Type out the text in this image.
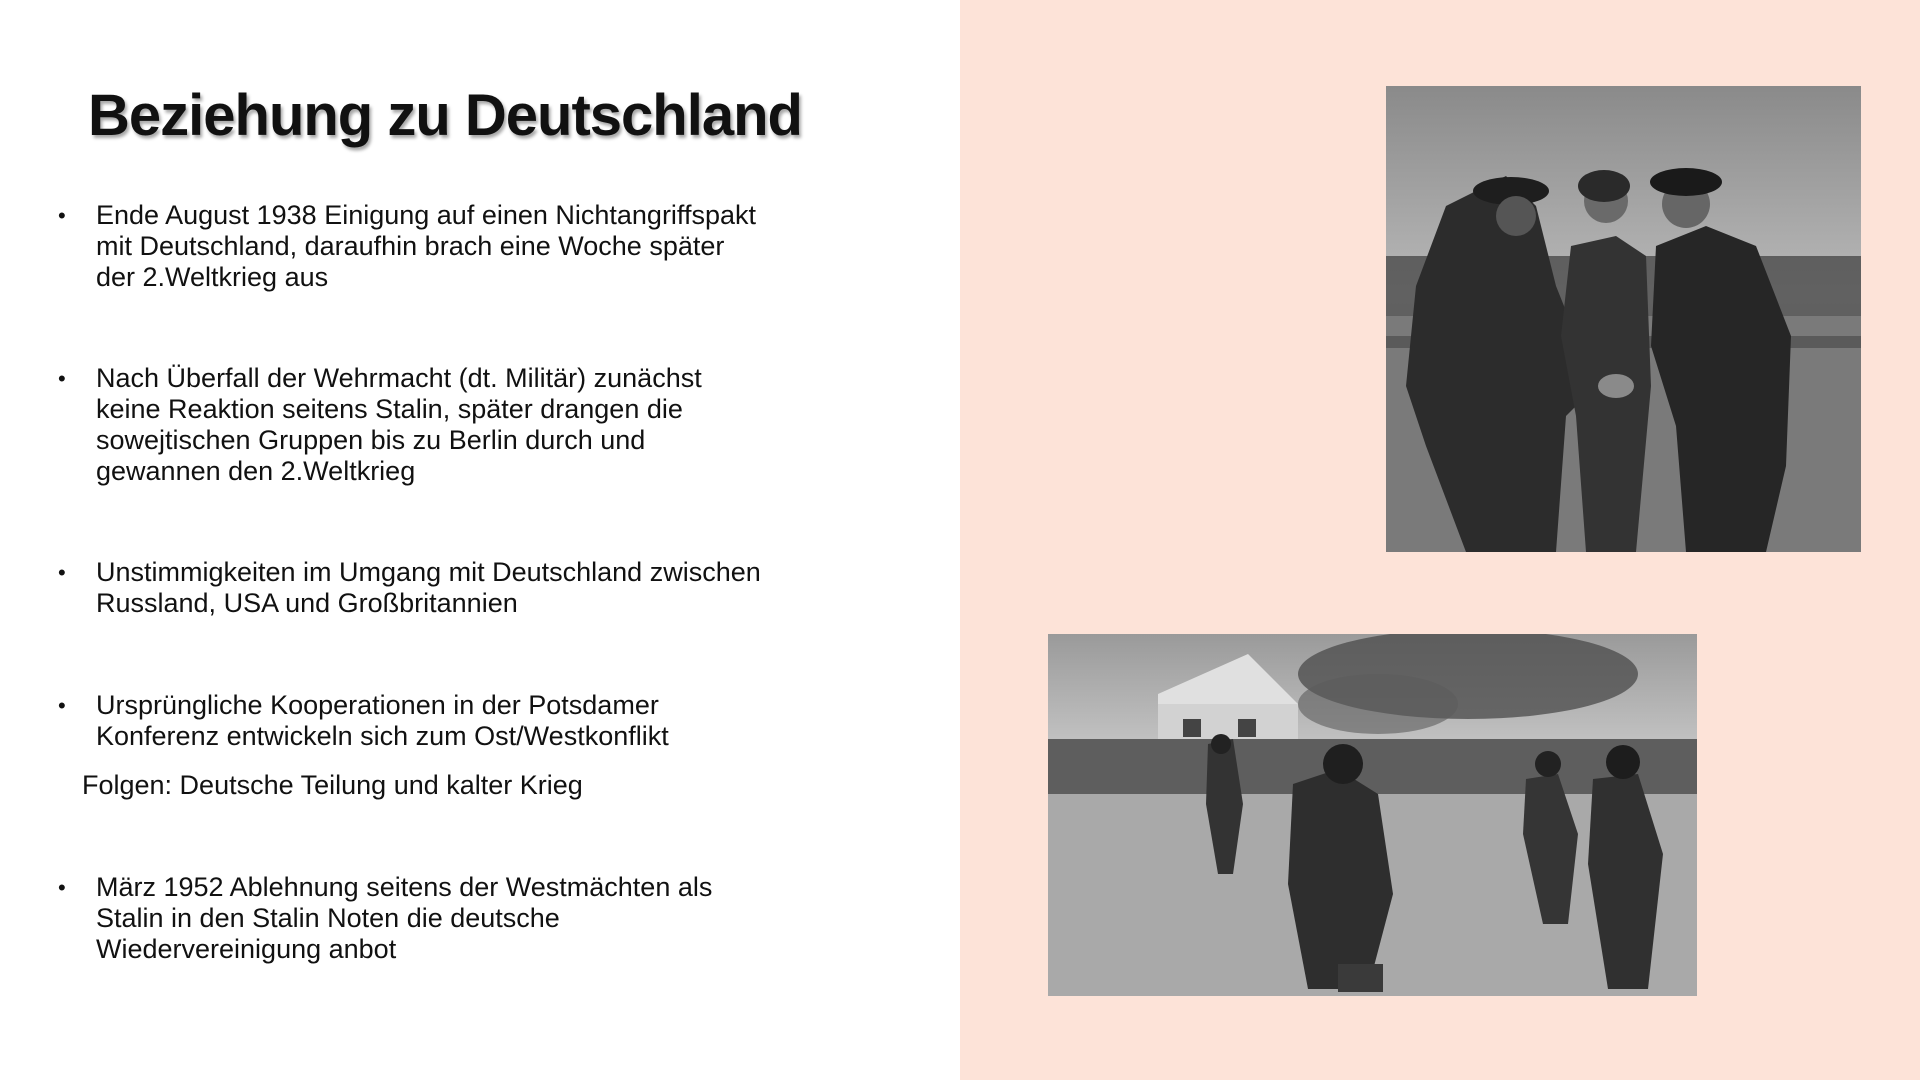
Beziehung zu Deutschland
•	Ende August 1938 Einigung auf einen Nichtangriffspakt
mit Deutschland, daraufhin brach eine Woche später
der 2.Weltkrieg aus
•	Nach Überfall der Wehrmacht (dt. Militär) zunächst
keine Reaktion seitens Stalin, später drangen die
sowejtischen Gruppen bis zu Berlin durch und
gewannen den 2.Weltkrieg
•	Unstimmigkeiten im Umgang mit Deutschland zwischen
Russland, USA und Großbritannien
•	Ursprüngliche Kooperationen in der Potsdamer
Konferenz entwickeln sich zum Ost/Westkonflikt
•	März 1952 Ablehnung seitens der Westmächten als
Stalin in den Stalin Noten die deutsche
Wiedervereinigung anbot
Folgen: Deutsche Teilung und kalter Krieg
